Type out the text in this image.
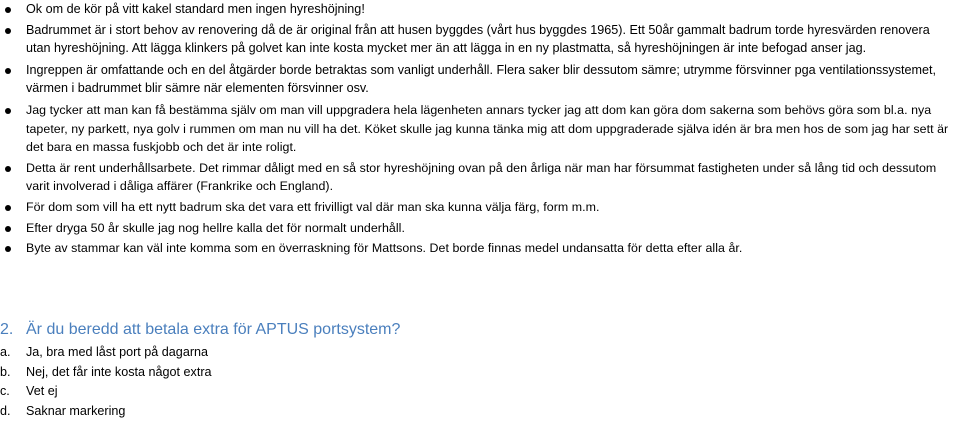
Ok om de kör på vitt kakel standard men ingen hyreshöjning!
Badrummet är i stort behov av renovering då de är original från att husen byggdes (vårt hus byggdes 1965). Ett 50år gammalt badrum torde hyresvärden renovera utan hyreshöjning. Att lägga klinkers på golvet kan inte kosta mycket mer än att lägga in en ny plastmatta, så hyreshöjningen är inte befogad anser jag.
Ingreppen är omfattande och en del åtgärder borde betraktas som vanligt underhåll. Flera saker blir dessutom sämre; utrymme försvinner pga ventilationssystemet, värmen i badrummet blir sämre när elementen försvinner osv.
Jag tycker att man kan få bestämma själv om man vill uppgradera hela lägenheten annars tycker jag att dom kan göra dom sakerna som behövs göra som bl.a. nya tapeter, ny parkett, nya golv i rummen om man nu vill ha det. Köket skulle jag kunna tänka mig att dom uppgraderade själva idén är bra men hos de som jag har sett är det bara en massa fuskjobb och det är inte roligt.
Detta är rent underhållsarbete. Det rimmar dåligt med en så stor hyreshöjning ovan på den årliga när man har försummat fastigheten under så lång tid och dessutom varit involverad i dåliga affärer (Frankrike och England).
För dom som vill ha ett nytt badrum ska det vara ett frivilligt val där man ska kunna välja färg, form m.m.
Efter dryga 50 år skulle jag nog hellre kalla det för normalt underhåll.
Byte av stammar kan väl inte komma som en överraskning för Mattsons. Det borde finnas medel undansatta för detta efter alla år.
2. Är du beredd att betala extra för APTUS portsystem?
a. Ja, bra med låst port på dagarna
b. Nej, det får inte kosta något extra
c. Vet ej
d. Saknar markering
